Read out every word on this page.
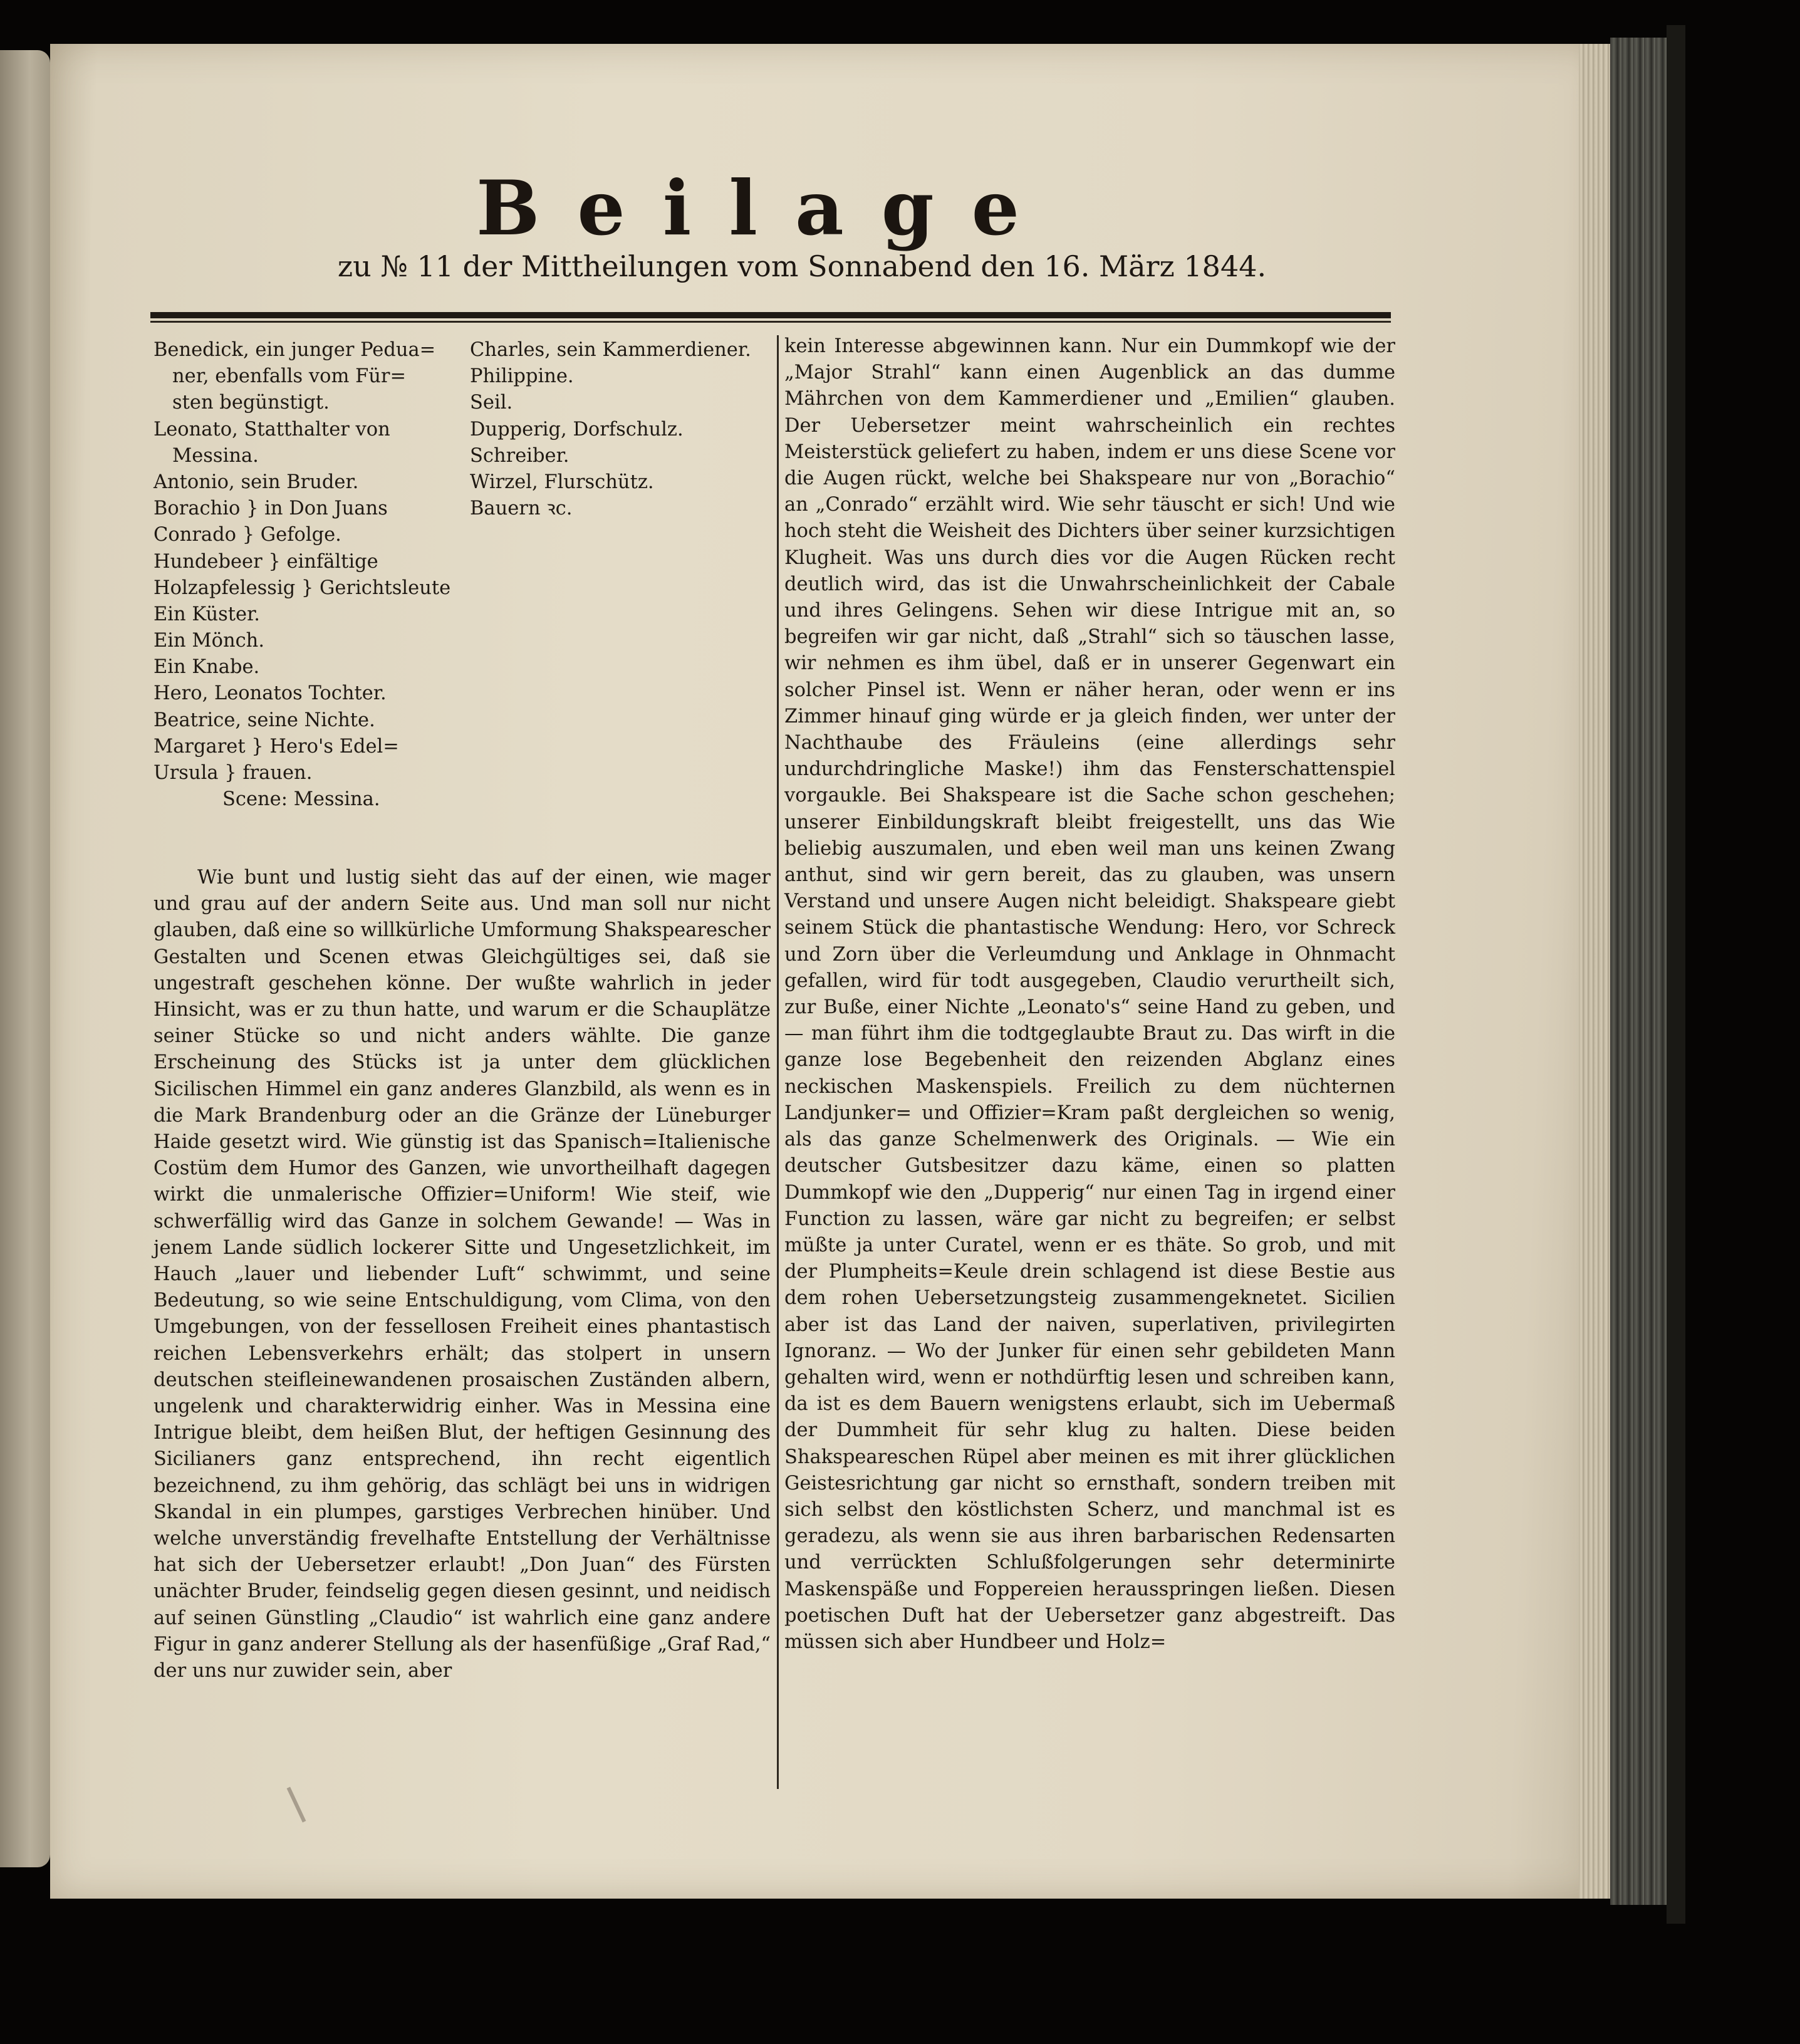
Beilage
zu № 11 der Mittheilungen vom Sonnabend den 16. März 1844.
Benedick, ein junger Pedua=
ner, ebenfalls vom Für=
sten begünstigt.
Leonato, Statthalter von
Messina.
Antonio, sein Bruder.
Borachio } in Don Juans
Conrado } Gefolge.
Hundebeer } einfältige
Holzapfelessig } Gerichtsleute
Ein Küster.
Ein Mönch.
Ein Knabe.
Hero, Leonatos Tochter.
Beatrice, seine Nichte.
Margaret } Hero's Edel=
Ursula } frauen.
Scene: Messina.
Charles, sein Kammerdiener.
Philippine.
Seil.
Dupperig, Dorfschulz.
Schreiber.
Wirzel, Flurschütz.
Bauern ꝛc.

Wie bunt und lustig sieht das auf der einen, wie mager und grau auf der andern Seite aus. Und man soll nur nicht glauben, daß eine so willkürliche Umformung Shakspearescher Gestalten und Scenen etwas Gleichgültiges sei, daß sie ungestraft geschehen könne. Der wußte wahrlich in jeder Hinsicht, was er zu thun hatte, und warum er die Schauplätze seiner Stücke so und nicht anders wählte. Die ganze Erscheinung des Stücks ist ja unter dem glücklichen Sicilischen Himmel ein ganz anderes Glanzbild, als wenn es in die Mark Brandenburg oder an die Gränze der Lüneburger Haide gesetzt wird. Wie günstig ist das Spanisch=Italienische Costüm dem Humor des Ganzen, wie unvortheilhaft dagegen wirkt die unmalerische Offizier=Uniform! Wie steif, wie schwerfällig wird das Ganze in solchem Gewande! — Was in jenem Lande südlich lockerer Sitte und Ungesetzlichkeit, im Hauch „lauer und liebender Luft“ schwimmt, und seine Bedeutung, so wie seine Entschuldigung, vom Clima, von den Umgebungen, von der fessellosen Freiheit eines phantastisch reichen Lebensverkehrs erhält; das stolpert in unsern deutschen steifleinewandenen prosaischen Zuständen albern, ungelenk und charakterwidrig einher. Was in Messina eine Intrigue bleibt, dem heißen Blut, der heftigen Gesinnung des Sicilianers ganz entsprechend, ihn recht eigentlich bezeichnend, zu ihm gehörig, das schlägt bei uns in widrigen Skandal in ein plumpes, garstiges Verbrechen hinüber. Und welche unverständig frevelhafte Entstellung der Verhältnisse hat sich der Uebersetzer erlaubt! „Don Juan“ des Fürsten unächter Bruder, feindselig gegen diesen gesinnt, und neidisch auf seinen Günstling „Claudio“ ist wahrlich eine ganz andere Figur in ganz anderer Stellung als der hasenfüßige „Graf Rad,“ der uns nur zuwider sein, aber

kein Interesse abgewinnen kann. Nur ein Dummkopf wie der „Major Strahl“ kann einen Augenblick an das dumme Mährchen von dem Kammerdiener und „Emilien“ glauben. Der Uebersetzer meint wahrscheinlich ein rechtes Meisterstück geliefert zu haben, indem er uns diese Scene vor die Augen rückt, welche bei Shakspeare nur von „Borachio“ an „Conrado“ erzählt wird. Wie sehr täuscht er sich! Und wie hoch steht die Weisheit des Dichters über seiner kurzsichtigen Klugheit. Was uns durch dies vor die Augen Rücken recht deutlich wird, das ist die Unwahrscheinlichkeit der Cabale und ihres Gelingens. Sehen wir diese Intrigue mit an, so begreifen wir gar nicht, daß „Strahl“ sich so täuschen lasse, wir nehmen es ihm übel, daß er in unserer Gegenwart ein solcher Pinsel ist. Wenn er näher heran, oder wenn er ins Zimmer hinauf ging würde er ja gleich finden, wer unter der Nachthaube des Fräuleins (eine allerdings sehr undurchdringliche Maske!) ihm das Fensterschattenspiel vorgaukle. Bei Shakspeare ist die Sache schon geschehen; unserer Einbildungskraft bleibt freigestellt, uns das Wie beliebig auszumalen, und eben weil man uns keinen Zwang anthut, sind wir gern bereit, das zu glauben, was unsern Verstand und unsere Augen nicht beleidigt. Shakspeare giebt seinem Stück die phantastische Wendung: Hero, vor Schreck und Zorn über die Verleumdung und Anklage in Ohnmacht gefallen, wird für todt ausgegeben, Claudio verurtheilt sich, zur Buße, einer Nichte „Leonato's“ seine Hand zu geben, und — man führt ihm die todtgeglaubte Braut zu. Das wirft in die ganze lose Begebenheit den reizenden Abglanz eines neckischen Maskenspiels. Freilich zu dem nüchternen Landjunker= und Offizier=Kram paßt dergleichen so wenig, als das ganze Schelmenwerk des Originals. — Wie ein deutscher Gutsbesitzer dazu käme, einen so platten Dummkopf wie den „Dupperig“ nur einen Tag in irgend einer Function zu lassen, wäre gar nicht zu begreifen; er selbst müßte ja unter Curatel, wenn er es thäte. So grob, und mit der Plumpheits=Keule drein schlagend ist diese Bestie aus dem rohen Uebersetzungsteig zusammengeknetet. Sicilien aber ist das Land der naiven, superlativen, privilegirten Ignoranz. — Wo der Junker für einen sehr gebildeten Mann gehalten wird, wenn er nothdürftig lesen und schreiben kann, da ist es dem Bauern wenigstens erlaubt, sich im Uebermaß der Dummheit für sehr klug zu halten. Diese beiden Shakspeareschen Rüpel aber meinen es mit ihrer glücklichen Geistesrichtung gar nicht so ernsthaft, sondern treiben mit sich selbst den köstlichsten Scherz, und manchmal ist es geradezu, als wenn sie aus ihren barbarischen Redensarten und verrückten Schlußfolgerungen sehr determinirte Maskenspäße und Foppereien herausspringen ließen. Diesen poetischen Duft hat der Uebersetzer ganz abgestreift. Das müssen sich aber Hundbeer und Holz=
